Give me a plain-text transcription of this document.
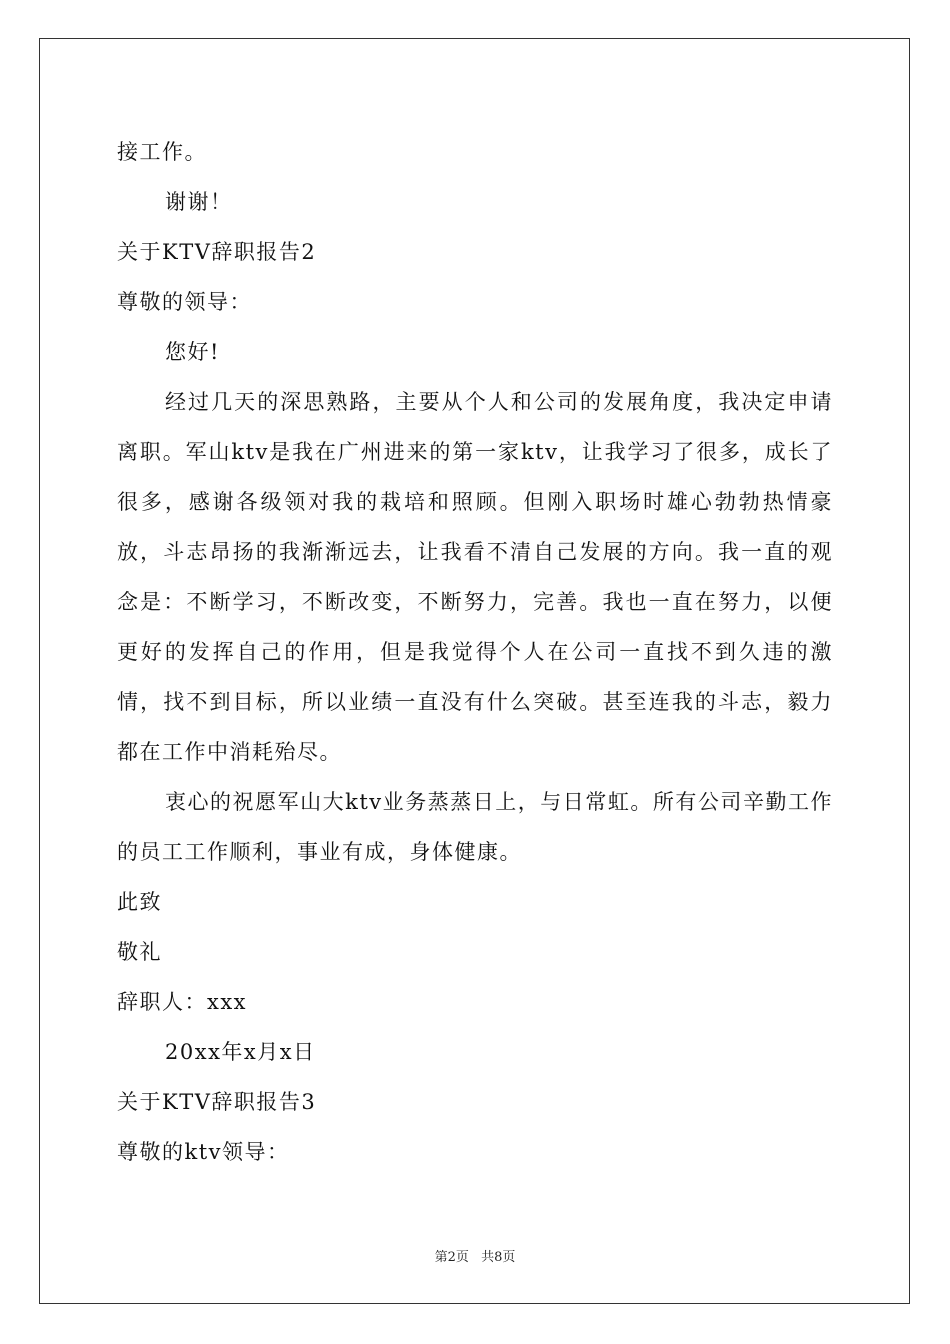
接工作。
谢谢！
关于KTV辞职报告2
尊敬的领导：
您好!
经过几天的深思熟路，主要从个人和公司的发展角度，我决定申请离职。军山ktv是我在广州进来的第一家ktv，让我学习了很多，成长了很多，感谢各级领对我的栽培和照顾。但刚入职场时雄心勃勃热情豪放，斗志昂扬的我渐渐远去，让我看不清自己发展的方向。我一直的观念是：不断学习，不断改变，不断努力，完善。我也一直在努力，以便更好的发挥自己的作用，但是我觉得个人在公司一直找不到久违的激情，找不到目标，所以业绩一直没有什么突破。甚至连我的斗志，毅力都在工作中消耗殆尽。
衷心的祝愿军山大ktv业务蒸蒸日上，与日常虹。所有公司辛勤工作的员工工作顺利，事业有成，身体健康。
此致
敬礼
辞职人：xxx
20xx年x月x日
关于KTV辞职报告3
尊敬的ktv领导：
第2页 共8页
